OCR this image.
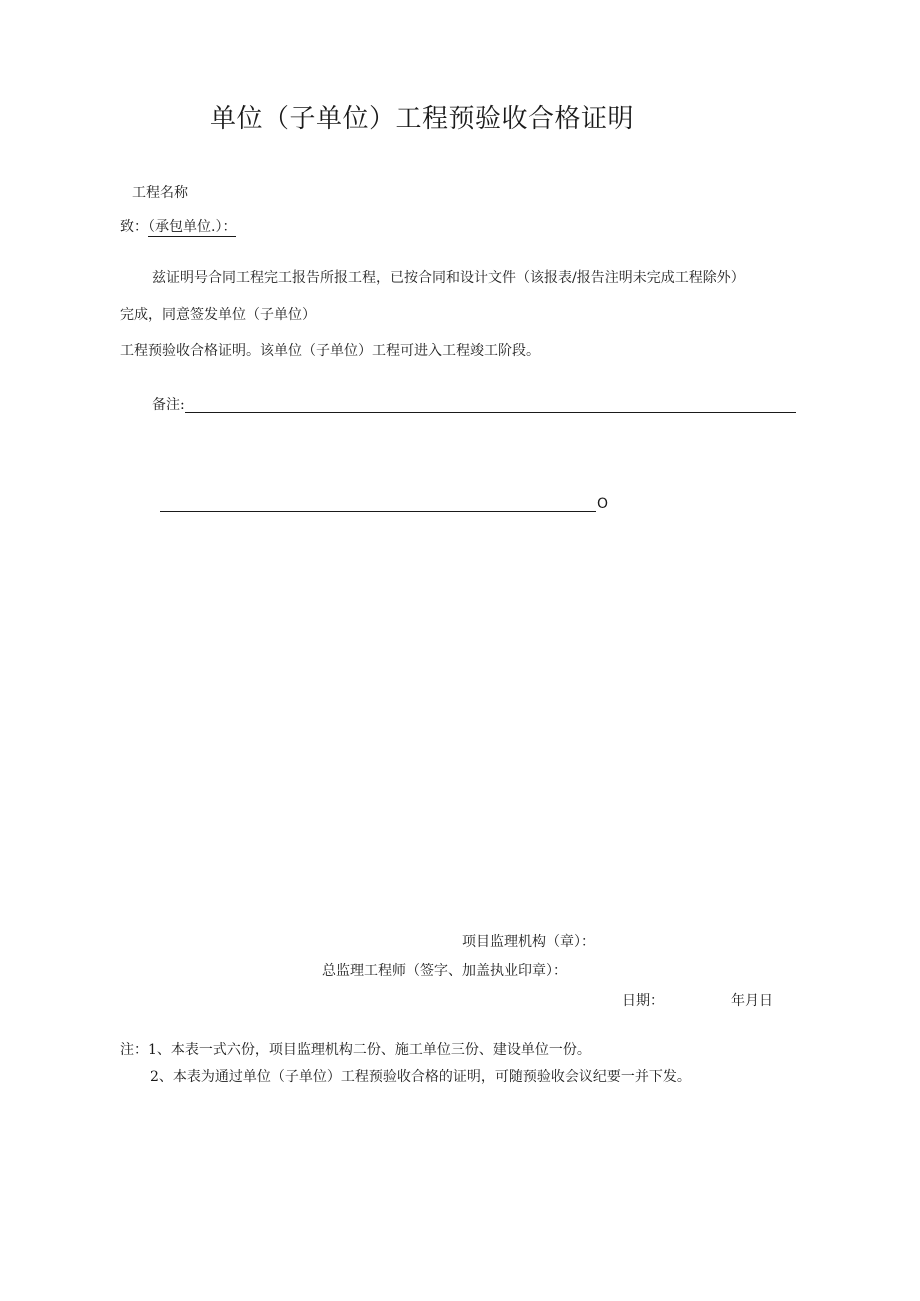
单位（子单位）工程预验收合格证明
工程名称
致：（承包单位.）：
兹证明号合同工程完工报告所报工程，已按合同和设计文件（该报表/报告注明未完成工程除外）
完成，同意签发单位（子单位）
工程预验收合格证明。该单位（子单位）工程可进入工程竣工阶段。
备注:
O
项目监理机构（章）：
总监理工程师（签字、加盖执业印章）：
日期：	年月日
注：1、本表一式六份，项目监理机构二份、施工单位三份、建设单位一份。
2、本表为通过单位（子单位）工程预验收合格的证明，可随预验收会议纪要一并下发。
